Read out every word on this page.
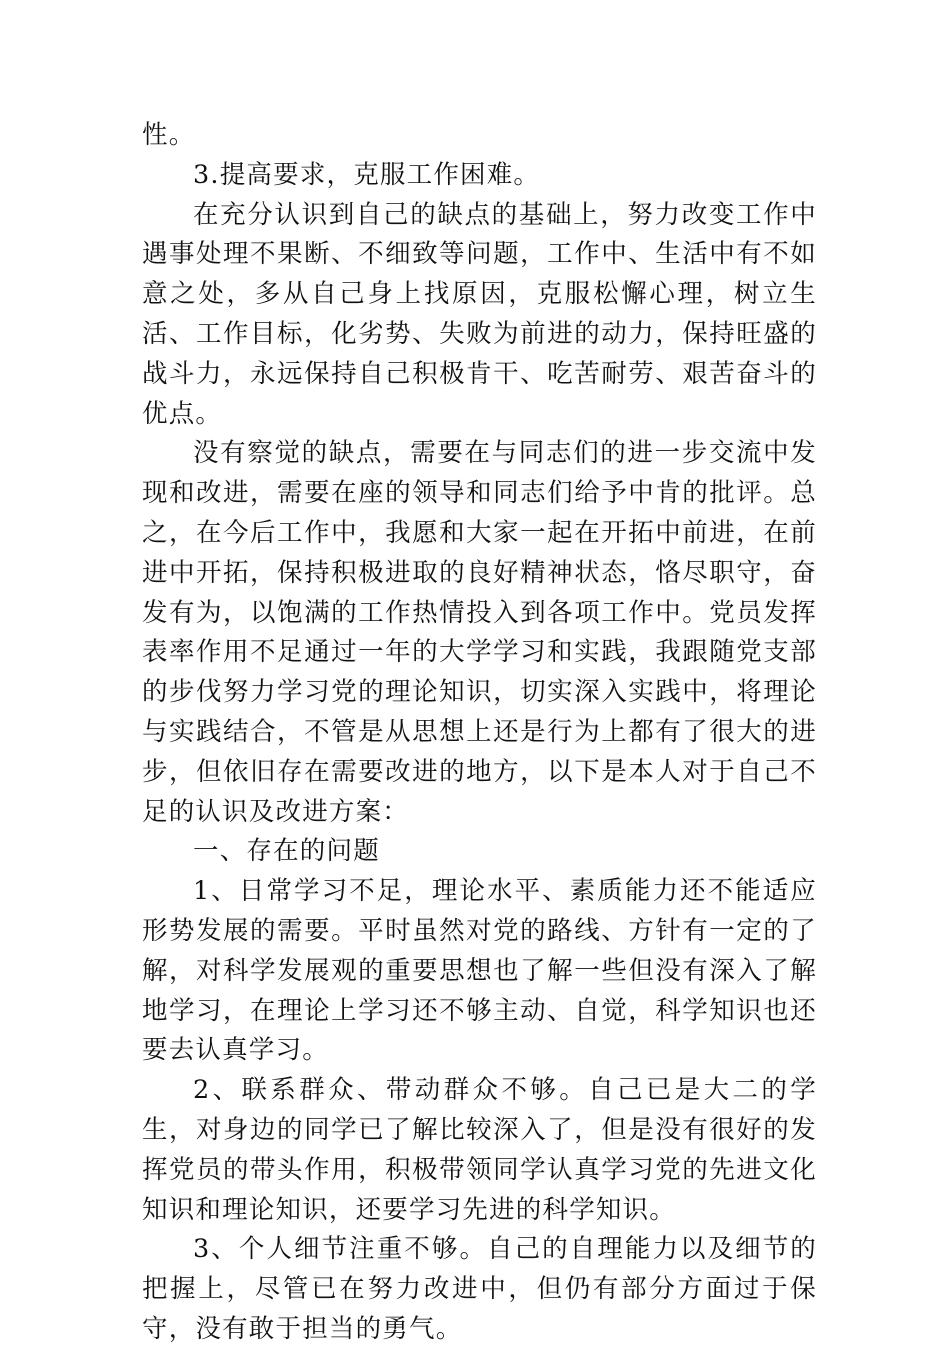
性。

3.提高要求，克服工作困难。

在充分认识到自己的缺点的基础上，努力改变工作中遇事处理不果断、不细致等问题，工作中、生活中有不如意之处，多从自己身上找原因，克服松懈心理，树立生活、工作目标，化劣势、失败为前进的动力，保持旺盛的战斗力，永远保持自己积极肯干、吃苦耐劳、艰苦奋斗的优点。

没有察觉的缺点，需要在与同志们的进一步交流中发现和改进，需要在座的领导和同志们给予中肯的批评。总之，在今后工作中，我愿和大家一起在开拓中前进，在前进中开拓，保持积极进取的良好精神状态，恪尽职守，奋发有为，以饱满的工作热情投入到各项工作中。党员发挥表率作用不足通过一年的大学学习和实践，我跟随党支部的步伐努力学习党的理论知识，切实深入实践中，将理论与实践结合，不管是从思想上还是行为上都有了很大的进步，但依旧存在需要改进的地方，以下是本人对于自己不足的认识及改进方案：

一、存在的问题

1、日常学习不足，理论水平、素质能力还不能适应形势发展的需要。平时虽然对党的路线、方针有一定的了解，对科学发展观的重要思想也了解一些但没有深入了解地学习，在理论上学习还不够主动、自觉，科学知识也还要去认真学习。

2、联系群众、带动群众不够。自己已是大二的学生，对身边的同学已了解比较深入了，但是没有很好的发挥党员的带头作用，积极带领同学认真学习党的先进文化知识和理论知识，还要学习先进的科学知识。

3、个人细节注重不够。自己的自理能力以及细节的把握上，尽管已在努力改进中，但仍有部分方面过于保守，没有敢于担当的勇气。
